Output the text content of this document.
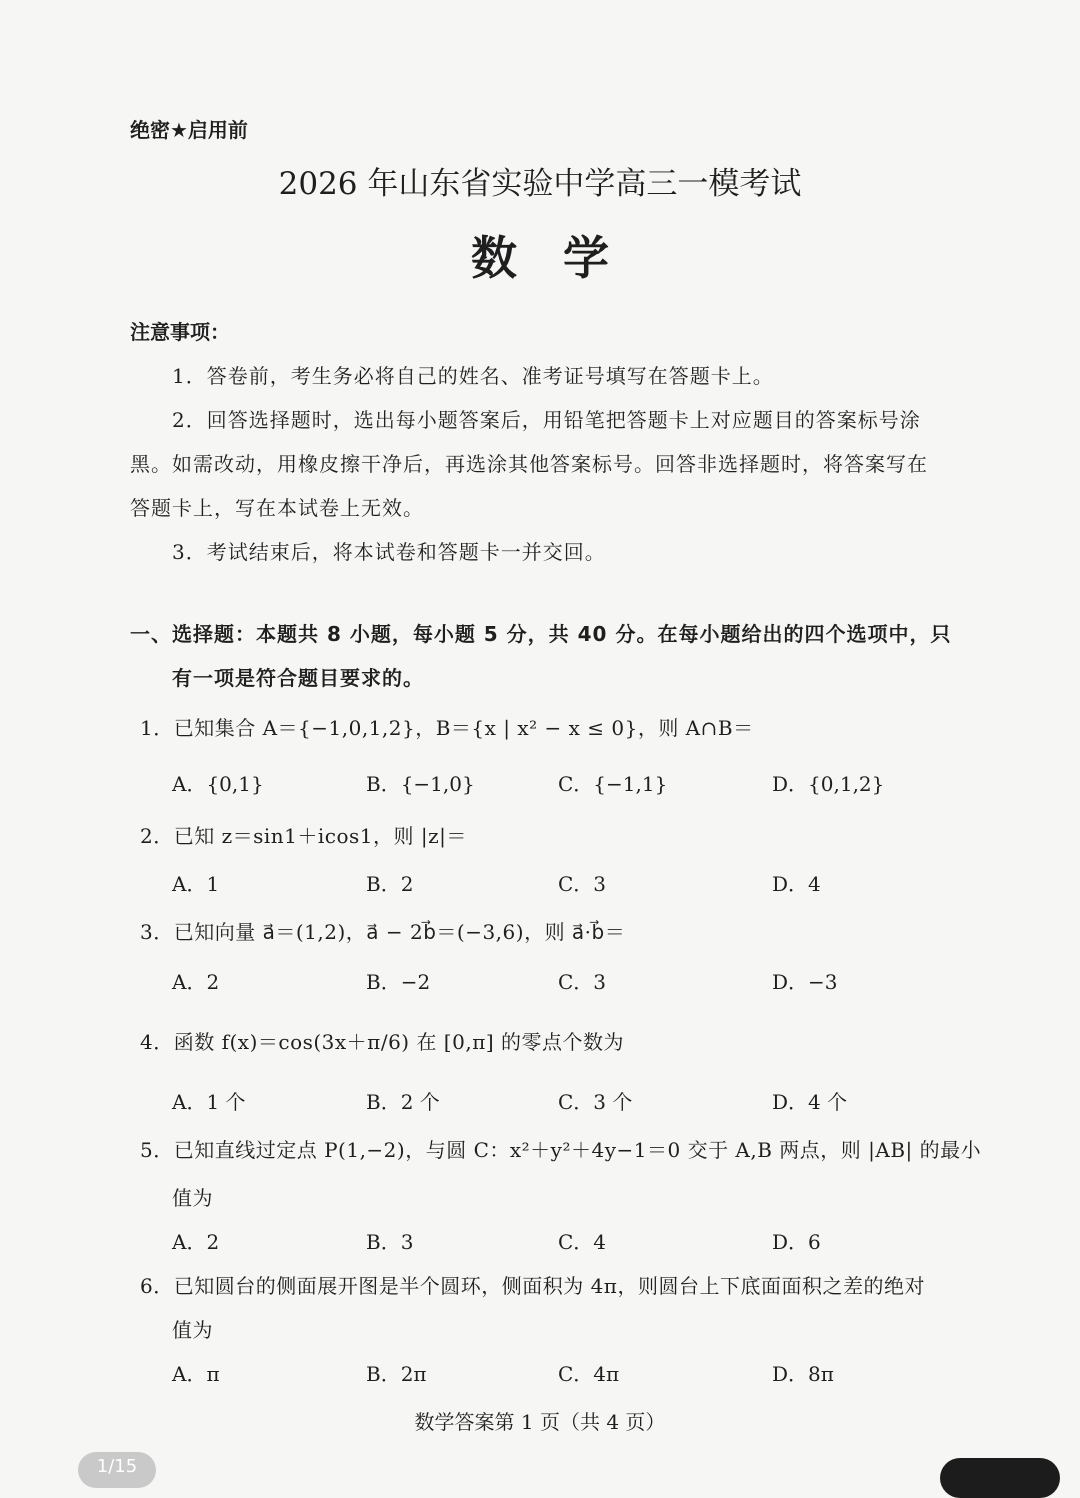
绝密★启用前
2026 年山东省实验中学高三一模考试
数学
注意事项：
1．答卷前，考生务必将自己的姓名、准考证号填写在答题卡上。
2．回答选择题时，选出每小题答案后，用铅笔把答题卡上对应题目的答案标号涂
黑。如需改动，用橡皮擦干净后，再选涂其他答案标号。回答非选择题时，将答案写在
答题卡上，写在本试卷上无效。
3．考试结束后，将本试卷和答题卡一并交回。
一、选择题：本题共 8 小题，每小题 5 分，共 40 分。在每小题给出的四个选项中，只
有一项是符合题目要求的。
1．已知集合 A＝{−1,0,1,2}，B＝{x | x² − x ≤ 0}，则 A∩B＝
A．{0,1}	B．{−1,0}	C．{−1,1}	D．{0,1,2}
2．已知 z＝sin1＋icos1，则 |z|＝
A．1	B．2	C．3	D．4
3．已知向量 a⃗＝(1,2)，a⃗ − 2b⃗＝(−3,6)，则 a⃗·b⃗＝
A．2	B．−2	C．3	D．−3
4．函数 f(x)＝cos(3x＋π/6) 在 [0,π] 的零点个数为
A．1 个	B．2 个	C．3 个	D．4 个
5．已知直线过定点 P(1,−2)，与圆 C：x²＋y²＋4y−1＝0 交于 A,B 两点，则 |AB| 的最小
值为
A．2	B．3	C．4	D．6
6．已知圆台的侧面展开图是半个圆环，侧面积为 4π，则圆台上下底面面积之差的绝对
值为
A．π	B．2π	C．4π	D．8π
数学答案第 1 页（共 4 页）
1/15
